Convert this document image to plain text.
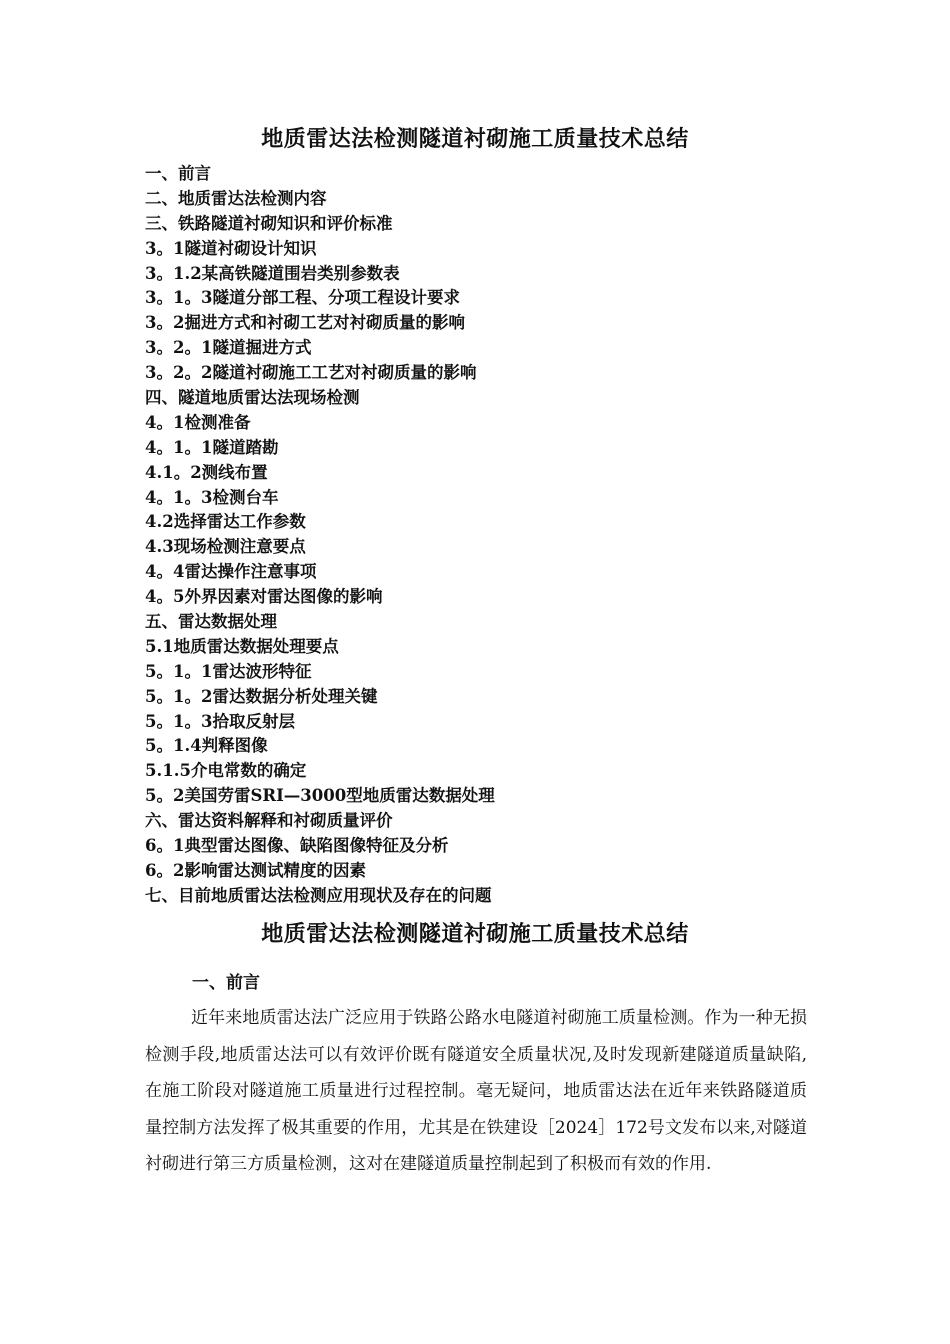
地质雷达法检测隧道衬砌施工质量技术总结
一、前言
二、地质雷达法检测内容
三、铁路隧道衬砌知识和评价标准
3。1隧道衬砌设计知识
3。1.2某高铁隧道围岩类别参数表
3。1。3隧道分部工程、分项工程设计要求
3。2掘进方式和衬砌工艺对衬砌质量的影响
3。2。1隧道掘进方式
3。2。2隧道衬砌施工工艺对衬砌质量的影响
四、隧道地质雷达法现场检测
4。1检测准备
4。1。1隧道踏勘
4.1。2测线布置
4。1。3检测台车
4.2选择雷达工作参数
4.3现场检测注意要点
4。4雷达操作注意事项
4。5外界因素对雷达图像的影响
五、雷达数据处理
5.1地质雷达数据处理要点
5。1。1雷达波形特征
5。1。2雷达数据分析处理关键
5。1。3拾取反射层
5。1.4判释图像
5.1.5介电常数的确定
5。2美国劳雷SRI—3000型地质雷达数据处理
六、雷达资料解释和衬砌质量评价
6。1典型雷达图像、缺陷图像特征及分析
6。2影响雷达测试精度的因素
七、目前地质雷达法检测应用现状及存在的问题
地质雷达法检测隧道衬砌施工质量技术总结
一、前言

近年来地质雷达法广泛应用于铁路公路水电隧道衬砌施工质量检测。作为一种无损检测手段,地质雷达法可以有效评价既有隧道安全质量状况,及时发现新建隧道质量缺陷,在施工阶段对隧道施工质量进行过程控制。毫无疑问，地质雷达法在近年来铁路隧道质量控制方法发挥了极其重要的作用，尤其是在铁建设［2024］172号文发布以来,对隧道衬砌进行第三方质量检测，这对在建隧道质量控制起到了积极而有效的作用.
